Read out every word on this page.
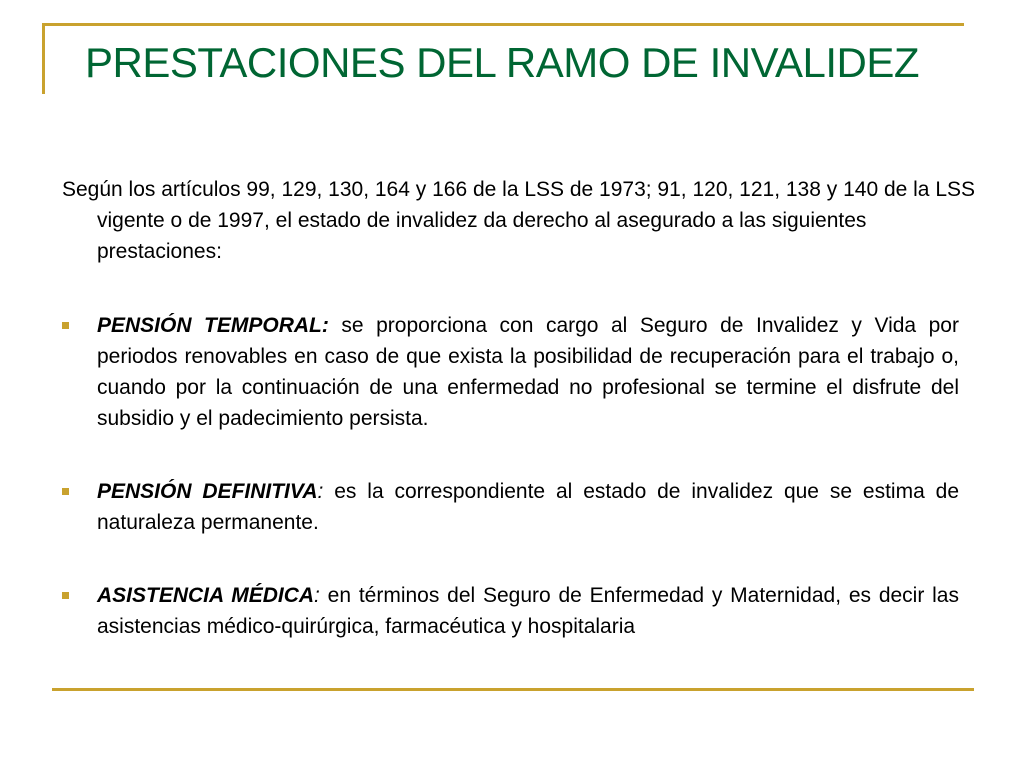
PRESTACIONES DEL RAMO DE INVALIDEZ

Según los artículos 99, 129, 130, 164 y 166 de la LSS de 1973; 91, 120, 121, 138 y 140 de la LSS vigente o de 1997, el estado de invalidez da derecho al asegurado a las siguientes prestaciones:

PENSIÓN TEMPORAL: se proporciona con cargo al Seguro de Invalidez y Vida por periodos renovables en caso de que exista la posibilidad de recuperación para el trabajo o, cuando por la continuación de una enfermedad no profesional se termine el disfrute del subsidio y el padecimiento persista.
PENSIÓN DEFINITIVA: es la correspondiente al estado de invalidez que se estima de naturaleza permanente.
ASISTENCIA MÉDICA: en términos del Seguro de Enfermedad y Maternidad, es decir las asistencias médico-quirúrgica, farmacéutica y hospitalaria
